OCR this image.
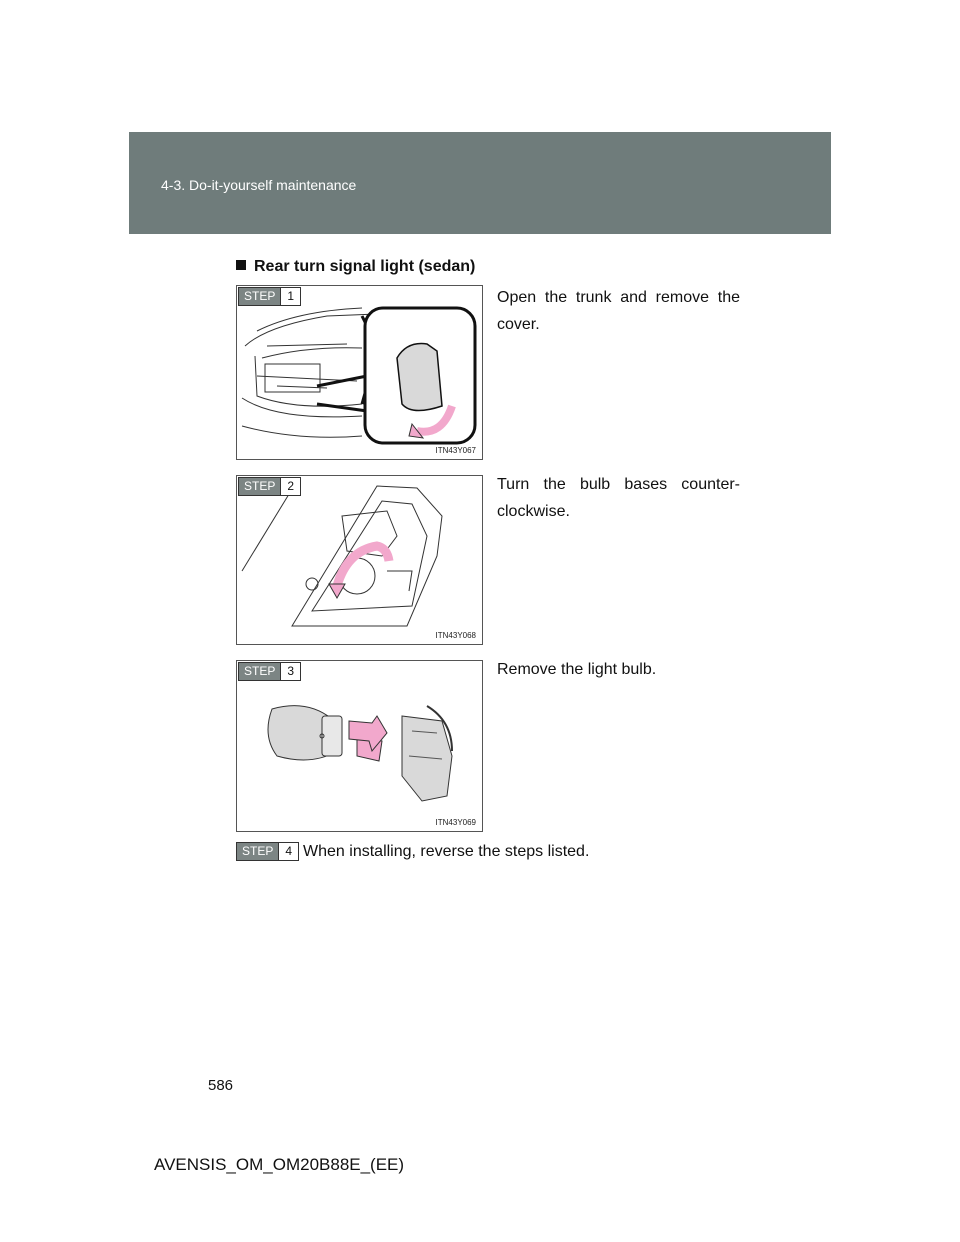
4-3. Do-it-yourself maintenance
Rear turn signal light (sedan)
STEP	1
ITN43Y067
Open the trunk and remove the cover.
STEP	2
ITN43Y068
Turn the bulb bases counter-clockwise.
STEP	3
ITN43Y069
Remove the light bulb.
STEP	4 When installing, reverse the steps listed.
586
AVENSIS_OM_OM20B88E_(EE)
